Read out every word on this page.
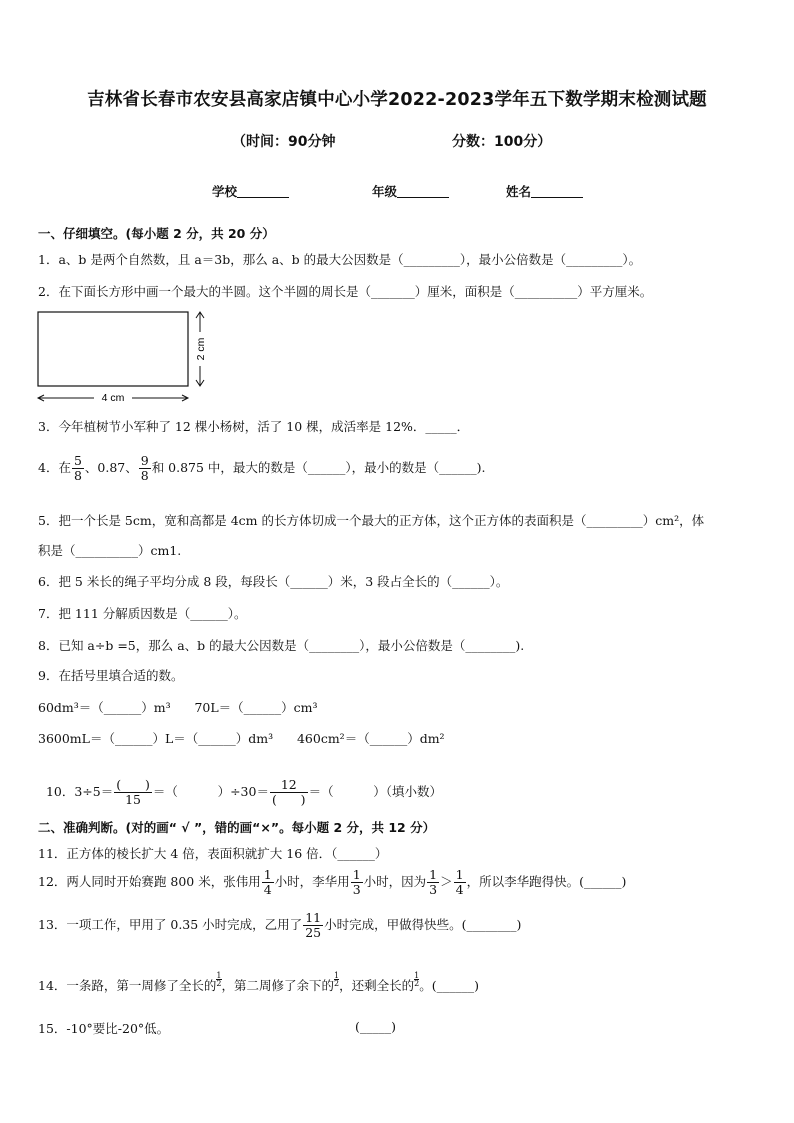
吉林省长春市农安县高家店镇中心小学2022-2023学年五下数学期末检测试题
（时间：90分钟	分数：100分）
学校	年级	姓名
一、仔细填空。(每小题 2 分，共 20 分）
1．a、b 是两个自然数，且 a＝3b，那么 a、b 的最大公因数是（_________），最小公倍数是（_________）。
2．在下面长方形中画一个最大的半圆。这个半圆的周长是（_______）厘米，面积是（__________）平方厘米。
4 cm
2 cm
3．今年植树节小军种了 12 棵小杨树，活了 10 棵，成活率是 12%．_____．
4．在 $\frac{5}{8}$ 、0.87、 $\frac{9}{8}$ 和 0.875 中，最大的数是（______），最小的数是（______).
5．把一个长是 5cm，宽和高都是 4cm 的长方体切成一个最大的正方体，这个正方体的表面积是（_________）cm²，体
积是（__________）cm1.
6．把 5 米长的绳子平均分成 8 段，每段长（______）米，3 段占全长的（______）。
7．把 111 分解质因数是（______）。
8．已知 a÷b =5，那么 a、b 的最大公因数是（________），最小公倍数是（________).
9．在括号里填合适的数。
60dm³＝（______）m³      70L＝（______）cm³
3600mL＝（______）L＝（______）dm³      460cm²＝（______）dm²

10．3÷5＝ (      )
15
＝（          ）÷30＝ 12
(      )
＝（          ）（填小数）

二、准确判断。(对的画“ √ ”，错的画“×”。每小题 2 分，共 12 分）
11．正方体的棱长扩大 4 倍，表面积就扩大 16 倍．（______）
12．两人同时开始赛跑 800 米，张伟用 $\frac{1}{4}$ 小时，李华用 $\frac{1}{3}$ 小时，因为 $\frac{1}{3} > \frac{1}{4}$ ，所以李华跑得快。(______)
13．一项工作，甲用了 0.35 小时完成，乙用了 $\frac{11}{25}$ 小时完成，甲做得快些。(________)
14．一条路，第一周修了全长的 $\frac{1}{2}$ ，第二周修了余下的 $\frac{1}{2}$ ，还剩全长的 $\frac{1}{2}$ 。(______)
15．-10°要比-20°低。	(_____)
